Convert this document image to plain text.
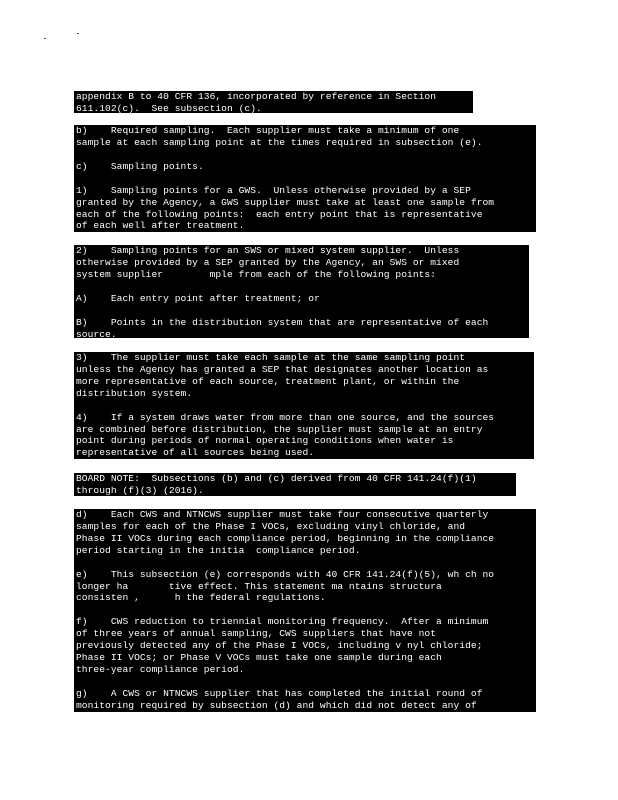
appendix B to 40 CFR 136, incorporated by reference in Section

611.102(c).  See subsection (c).

b)    Required sampling.  Each supplier must take a minimum of one

sample at each sampling point at the times required in subsection (e).

c)    Sampling points.

1)    Sampling points for a GWS.  Unless otherwise provided by a SEP

granted by the Agency, a GWS supplier must take at least one sample from

each of the following points:  each entry point that is representative

of each well after treatment.

2)    Sampling points for an SWS or mixed system supplier.  Unless

otherwise provided by a SEP granted by the Agency, an SWS or mixed

system supplier        mple from each of the following points:

A)    Each entry point after treatment; or

B)    Points in the distribution system that are representative of each

source.

3)    The supplier must take each sample at the same sampling point

unless the Agency has granted a SEP that designates another location as

more representative of each source, treatment plant, or within the

distribution system.

4)    If a system draws water from more than one source, and the sources

are combined before distribution, the supplier must sample at an entry

point during periods of normal operating conditions when water is

representative of all sources being used.

BOARD NOTE:  Subsections (b) and (c) derived from 40 CFR 141.24(f)(1)

through (f)(3) (2016).

d)    Each CWS and NTNCWS supplier must take four consecutive quarterly

samples for each of the Phase I VOCs, excluding vinyl chloride, and

Phase II VOCs during each compliance period, beginning in the compliance

period starting in the initia  compliance period.

e)    This subsection (e) corresponds with 40 CFR 141.24(f)(5), wh ch no

longer ha       tive effect. This statement ma ntains structura

consisten ,      h the federal regulations.

f)    CWS reduction to triennial monitoring frequency.  After a minimum

of three years of annual sampling, CWS suppliers that have not

previously detected any of the Phase I VOCs, including v nyl chloride;

Phase II VOCs; or Phase V VOCs must take one sample during each

three-year compliance period.

g)    A CWS or NTNCWS supplier that has completed the initial round of

monitoring required by subsection (d) and which did not detect any of
